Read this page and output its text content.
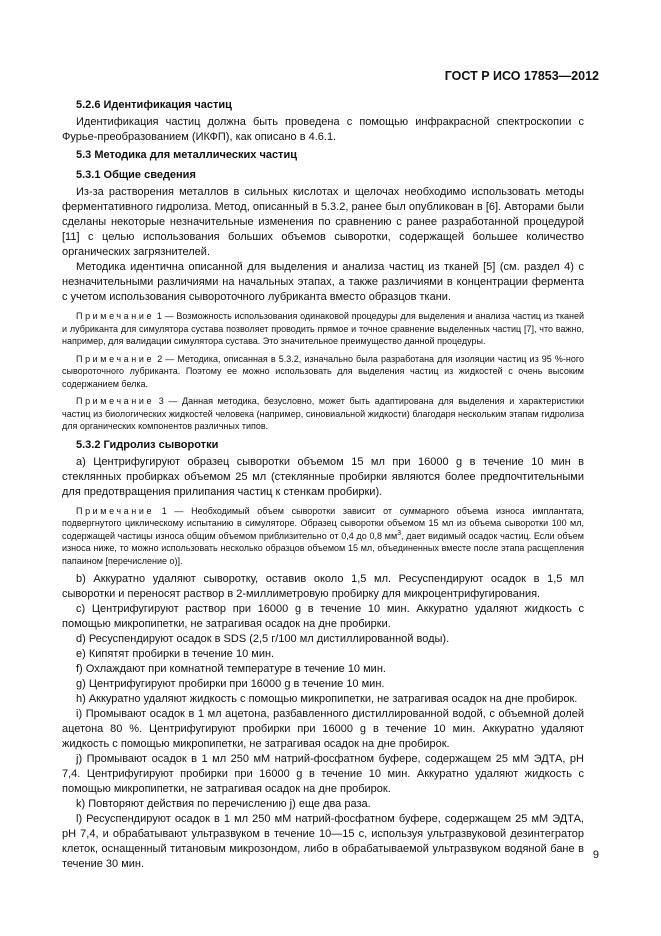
ГОСТ Р ИСО 17853—2012

5.2.6 Идентификация частиц

Идентификация частиц должна быть проведена с помощью инфракрасной спектроскопии с Фурье-преобразованием (ИКФП), как описано в 4.6.1.

5.3 Методика для металлических частиц

5.3.1 Общие сведения

Из-за растворения металлов в сильных кислотах и щелочах необходимо использовать методы ферментативного гидролиза. Метод, описанный в 5.3.2, ранее был опубликован в [6]. Авторами были сделаны некоторые незначительные изменения по сравнению с ранее разработанной процедурой [11] с целью использования больших объемов сыворотки, содержащей большее количество органических загрязнителей.

Методика идентична описанной для выделения и анализа частиц из тканей [5] (см. раздел 4) с незначительными различиями на начальных этапах, а также различиями в концентрации фермента с учетом использования сывороточного лубриканта вместо образцов ткани.

Примечание 1 — Возможность использования одинаковой процедуры для выделения и анализа частиц из тканей и лубриканта для симулятора сустава позволяет проводить прямое и точное сравнение выделенных частиц [7], что важно, например, для валидации симулятора сустава. Это значительное преимущество данной процедуры.

Примечание 2 — Методика, описанная в 5.3.2, изначально была разработана для изоляции частиц из 95 %-ного сывороточного лубриканта. Поэтому ее можно использовать для выделения частиц из жидкостей с очень высоким содержанием белка.

Примечание 3 — Данная методика, безусловно, может быть адаптирована для выделения и характеристики частиц из биологических жидкостей человека (например, синовиальной жидкости) благодаря нескольким этапам гидролиза для органических компонентов различных типов.

5.3.2 Гидролиз сыворотки

a) Центрифугируют образец сыворотки объемом 15 мл при 16000 g в течение 10 мин в стеклянных пробирках объемом 25 мл (стеклянные пробирки являются более предпочтительными для предотвращения прилипания частиц к стенкам пробирки).

Примечание 1 — Необходимый объем сыворотки зависит от суммарного объема износа имплантата, подвергнутого циклическому испытанию в симуляторе. Образец сыворотки объемом 15 мл из объема сыворотки 100 мл, содержащей частицы износа общим объемом приблизительно от 0,4 до 0,8 $мм^3$, дает видимый осадок частиц. Если объем износа ниже, то можно использовать несколько образцов объемом 15 мл, объединенных вместе после этапа расщепления папаином [перечисление o)].

b) Аккуратно удаляют сыворотку, оставив около 1,5 мл. Ресуспендируют осадок в 1,5 мл сыворотки и переносят раствор в 2-миллиметровую пробирку для микроцентрифугирования.

c) Центрифугируют раствор при 16000 g в течение 10 мин. Аккуратно удаляют жидкость с помощью микропипетки, не затрагивая осадок на дне пробирки.

d) Ресуспендируют осадок в SDS (2,5 г/100 мл дистиллированной воды).

e) Кипятят пробирки в течение 10 мин.

f) Охлаждают при комнатной температуре в течение 10 мин.

g) Центрифугируют пробирки при 16000 g в течение 10 мин.

h) Аккуратно удаляют жидкость с помощью микропипетки, не затрагивая осадок на дне пробирок.

i) Промывают осадок в 1 мл ацетона, разбавленного дистиллированной водой, с объемной долей ацетона 80 %. Центрифугируют пробирки при 16000 g в течение 10 мин. Аккуратно удаляют жидкость с помощью микропипетки, не затрагивая осадок на дне пробирок.

j) Промывают осадок в 1 мл 250 мМ натрий-фосфатном буфере, содержащем 25 мМ ЭДТА, pH 7,4. Центрифугируют пробирки при 16000 g в течение 10 мин. Аккуратно удаляют жидкость с помощью микропипетки, не затрагивая осадок на дне пробирок.

k) Повторяют действия по перечислению j) еще два раза.

l) Ресуспендируют осадок в 1 мл 250 мМ натрий-фосфатном буфере, содержащем 25 мМ ЭДТА, pH 7,4, и обрабатывают ультразвуком в течение 10—15 с, используя ультразвуковой дезинтегратор клеток, оснащенный титановым микрозондом, либо в обрабатываемой ультразвуком водяной бане в течение 30 мин.

9
